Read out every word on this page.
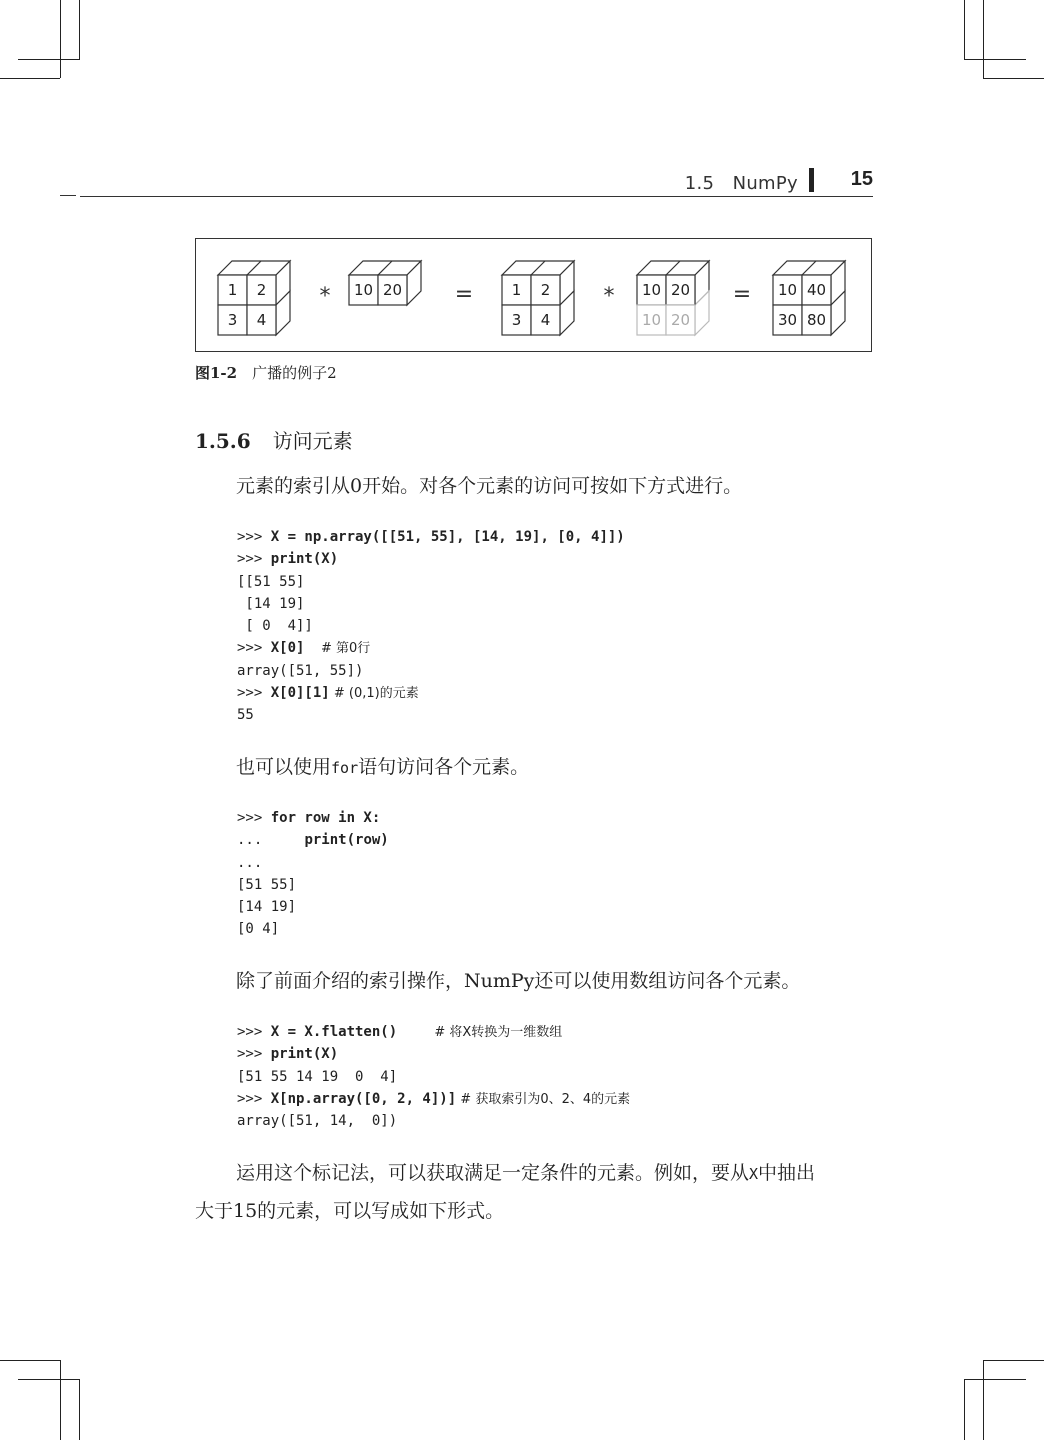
1.5　NumPy	15
1 2
3 4
10 20	1 2
3 4
10 20
10 20
10 40
30 80
*	=	*	=
图1-2　 广播的例子2
1.5.6 访问元素
元素的索引从0开始。对各个元素的访问可按如下方式进行。
>>> X = np.array([[51, 55], [14, 19], [0, 4]])
>>> print(X)
[[51 55]
[14 19]
[ 0  4]]
>>> X[0]    # 第0行
array([51, 55])
>>> X[0][1] # (0,1)的元素
55
也可以使用for语句访问各个元素。
>>> for row in X:
...     print(row)
...
[51 55]
[14 19]
[0 4]
除了前面介绍的索引操作，NumPy还可以使用数组访问各个元素。
>>> X = X.flatten()         # 将X转换为一维数组
>>> print(X)
[51 55 14 19  0  4]
>>> X[np.array([0, 2, 4])] # 获取索引为0、2、4的元素
array([51, 14,  0])
运用这个标记法，可以获取满足一定条件的元素。例如，要从X中抽出
大于15的元素，可以写成如下形式。
